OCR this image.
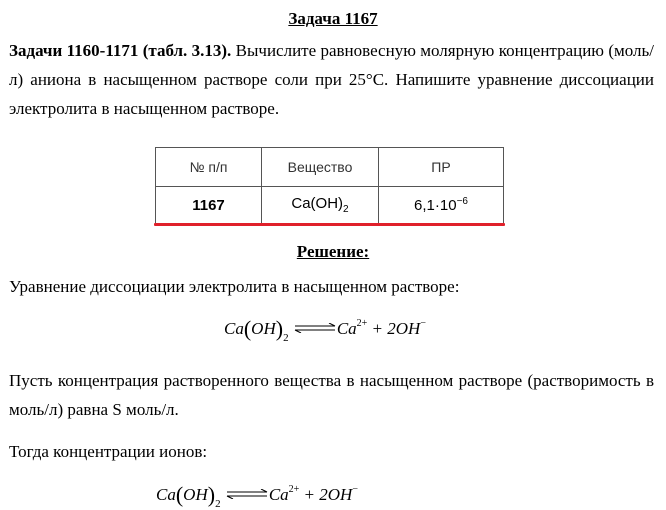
Задача 1167
Задачи 1160-1171 (табл. 3.13). Вычислите равновесную молярную концентрацию (моль/л) аниона в насыщенном растворе соли при 25°С. Напишите уравнение диссоциации электролита в насыщенном растворе.
№ п/п	Вещество	ПР
1167	$Ca(OH)_2$	$6,1\cdot 10^{-6}$
Решение:
Уравнение диссоциации электролита в насыщенном растворе:
$Ca(OH)_2$ $\rightleftharpoons Ca^{2+} + 2OH^-$
Пусть концентрация растворенного вещества в насыщенном растворе (растворимость в моль/л) равна S моль/л.
Тогда концентрации ионов:
$Ca(OH)_2$ $\rightleftharpoons Ca^{2+} + 2OH^-$
